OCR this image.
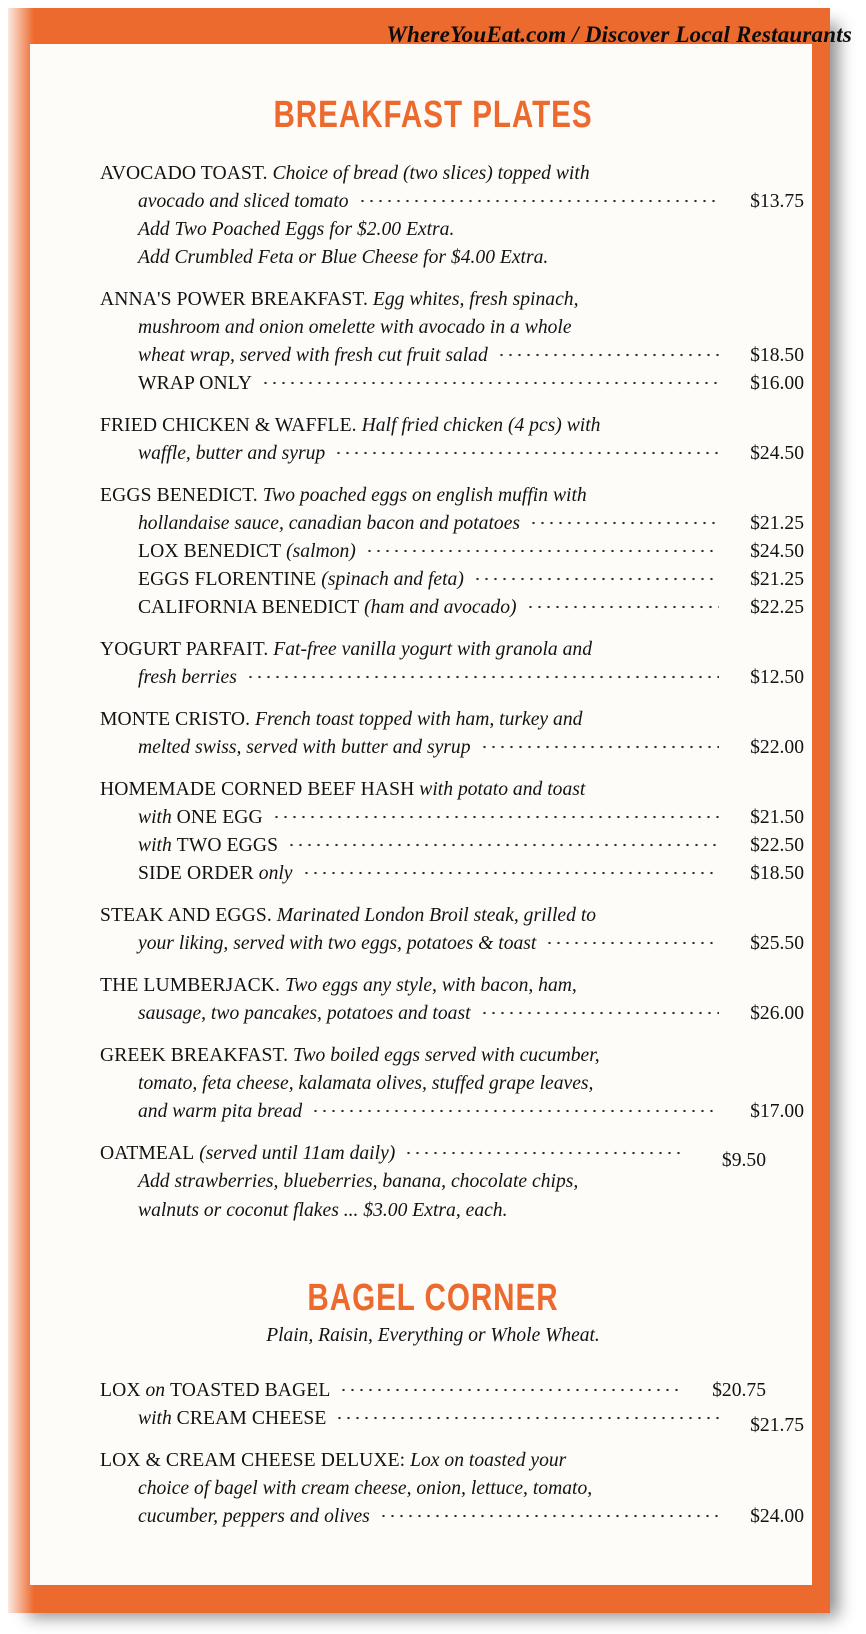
BREAKFAST PLATES
AVOCADO TOAST. Choice of bread (two slices) topped with
avocado and sliced tomato	$13.75
Add Two Poached Eggs for $2.00 Extra.
Add Crumbled Feta or Blue Cheese for $4.00 Extra.
ANNA'S POWER BREAKFAST. Egg whites, fresh spinach,
mushroom and onion omelette with avocado in a whole
wheat wrap, served with fresh cut fruit salad	$18.50
WRAP ONLY	$16.00
FRIED CHICKEN & WAFFLE. Half fried chicken (4 pcs) with
waffle, butter and syrup	$24.50
EGGS BENEDICT. Two poached eggs on english muffin with
hollandaise sauce, canadian bacon and potatoes	$21.25
LOX BENEDICT (salmon)	$24.50
EGGS FLORENTINE (spinach and feta)	$21.25
CALIFORNIA BENEDICT (ham and avocado)	$22.25
YOGURT PARFAIT. Fat-free vanilla yogurt with granola and
fresh berries	$12.50
MONTE CRISTO. French toast topped with ham, turkey and
melted swiss, served with butter and syrup	$22.00
HOMEMADE CORNED BEEF HASH with potato and toast
with ONE EGG	$21.50
with TWO EGGS	$22.50
SIDE ORDER only	$18.50
STEAK AND EGGS. Marinated London Broil steak, grilled to
your liking, served with two eggs, potatoes & toast	$25.50
THE LUMBERJACK. Two eggs any style, with bacon, ham,
sausage, two pancakes, potatoes and toast	$26.00
GREEK BREAKFAST. Two boiled eggs served with cucumber,
tomato, feta cheese, kalamata olives, stuffed grape leaves,
and warm pita bread	$17.00
OATMEAL (served until 11am daily)	$9.50
Add strawberries, blueberries, banana, chocolate chips,
walnuts or coconut flakes ... $3.00 Extra, each.
BAGEL CORNER
Plain, Raisin, Everything or Whole Wheat.
LOX on TOASTED BAGEL	$20.75
with CREAM CHEESE	$21.75
LOX & CREAM CHEESE DELUXE: Lox on toasted your
choice of bagel with cream cheese, onion, lettuce, tomato,
cucumber, peppers and olives	$24.00
WhereYouEat.com / Discover Local Restaurants
